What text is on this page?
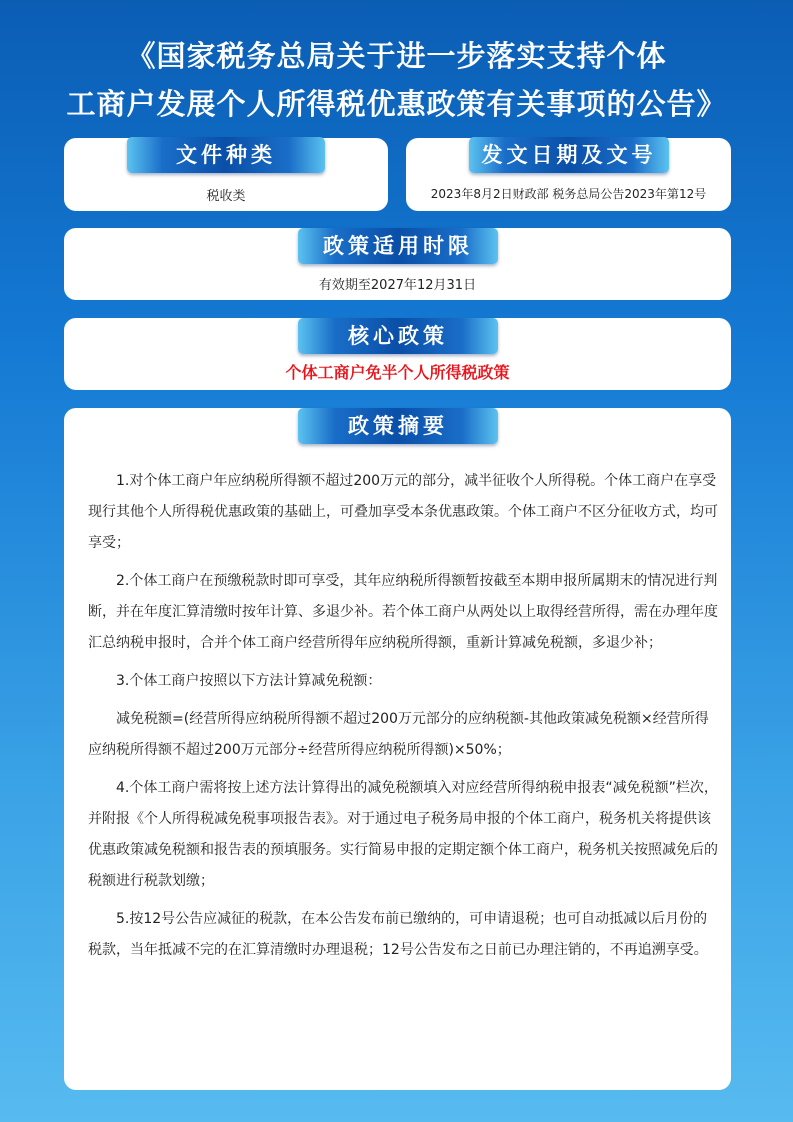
《国家税务总局关于进一步落实支持个体
工商户发展个人所得税优惠政策有关事项的公告》
文件种类
税收类
发文日期及文号
2023年8月2日财政部 税务总局公告2023年第12号
政策适用时限
有效期至2027年12月31日
核心政策
个体工商户免半个人所得税政策
政策摘要

1.对个体工商户年应纳税所得额不超过200万元的部分，减半征收个人所得税。个体工商户在享受现行其他个人所得税优惠政策的基础上，可叠加享受本条优惠政策。个体工商户不区分征收方式，均可享受；

2.个体工商户在预缴税款时即可享受，其年应纳税所得额暂按截至本期申报所属期末的情况进行判断，并在年度汇算清缴时按年计算、多退少补。若个体工商户从两处以上取得经营所得，需在办理年度汇总纳税申报时，合并个体工商户经营所得年应纳税所得额，重新计算减免税额，多退少补；

3.个体工商户按照以下方法计算减免税额：

减免税额=(经营所得应纳税所得额不超过200万元部分的应纳税额-其他政策减免税额×经营所得应纳税所得额不超过200万元部分÷经营所得应纳税所得额)×50%；

4.个体工商户需将按上述方法计算得出的减免税额填入对应经营所得纳税申报表“减免税额”栏次，并附报《个人所得税减免税事项报告表》。对于通过电子税务局申报的个体工商户，税务机关将提供该优惠政策减免税额和报告表的预填服务。实行简易申报的定期定额个体工商户，税务机关按照减免后的税额进行税款划缴；

5.按12号公告应减征的税款，在本公告发布前已缴纳的，可申请退税；也可自动抵减以后月份的税款，当年抵减不完的在汇算清缴时办理退税；12号公告发布之日前已办理注销的，不再追溯享受。
